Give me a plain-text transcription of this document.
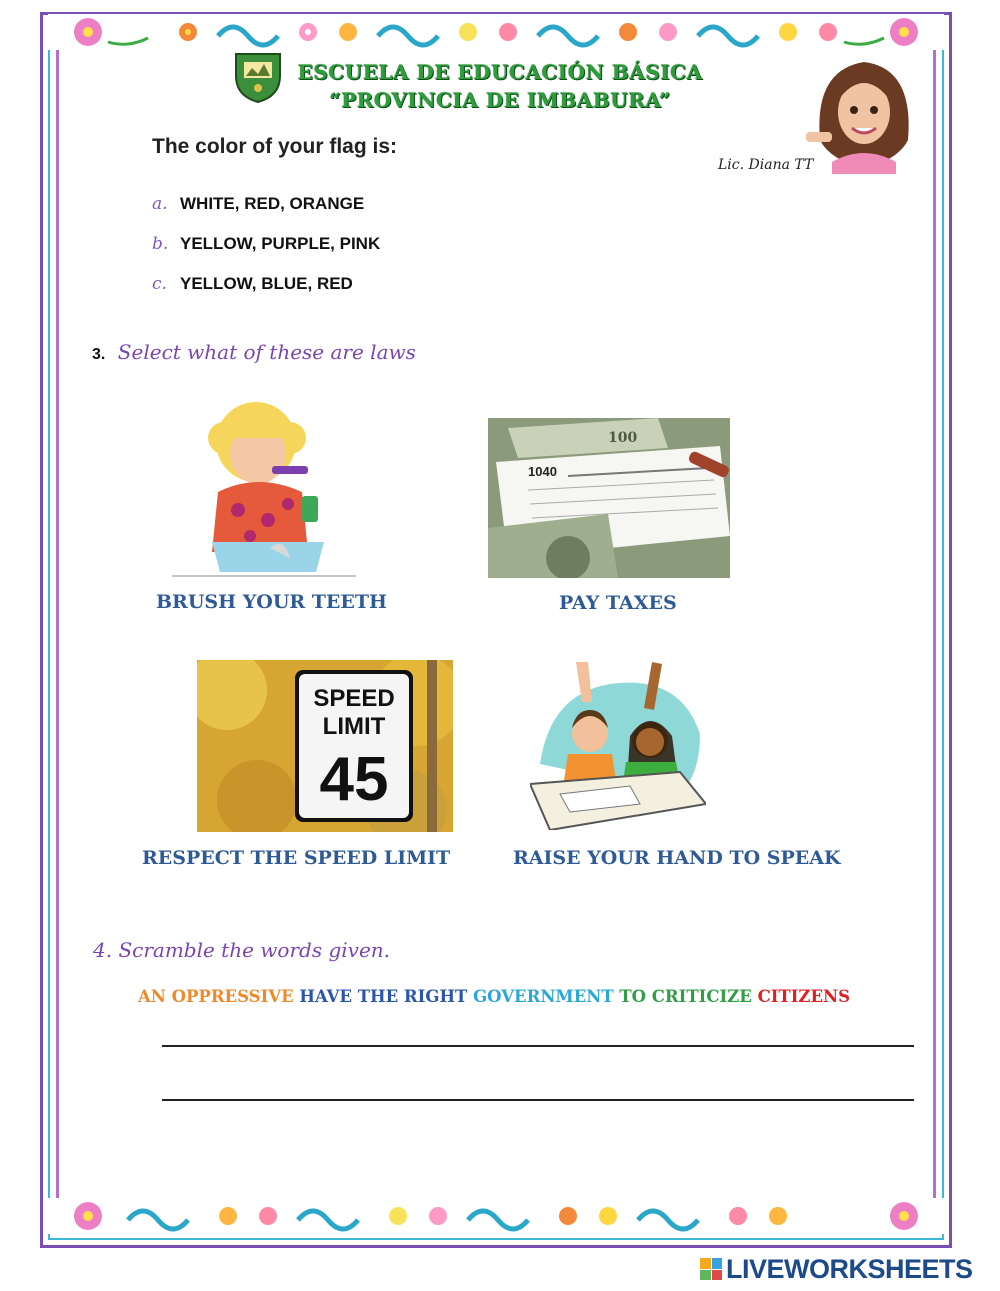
ESCUELA DE EDUCACIÓN BÁSICA
“PROVINCIA DE IMBABURA”
Lic. Diana TT
The color of your flag is:
a. WHITE, RED, ORANGE
b. YELLOW, PURPLE, PINK
c. YELLOW, BLUE, RED
3. Select what of these are laws
BRUSH YOUR TEETH
100
1040
PAY TAXES
SPEED
LIMIT
45
RESPECT THE SPEED LIMIT	RAISE YOUR HAND TO SPEAK
4. Scramble the words given.
AN OPPRESSIVE HAVE THE RIGHT GOVERNMENT TO CRITICIZE CITIZENS
LIVEWORKSHEETS
